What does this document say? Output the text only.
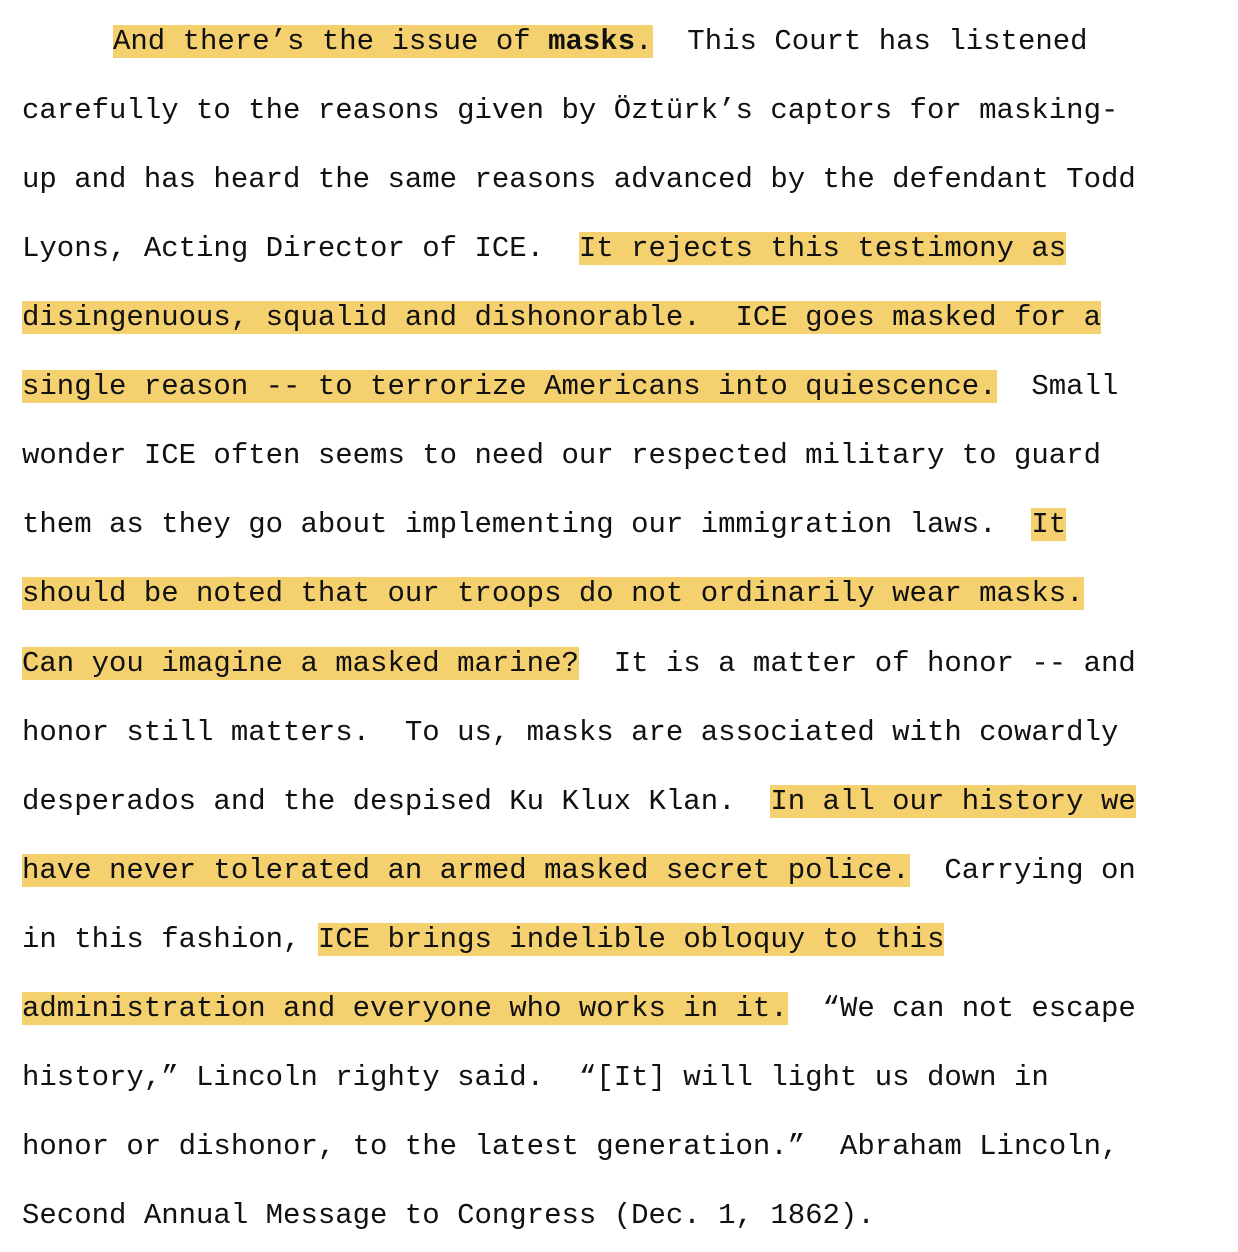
And there’s the issue of masks.  This Court has listened
carefully to the reasons given by Öztürk’s captors for masking-
up and has heard the same reasons advanced by the defendant Todd
Lyons, Acting Director of ICE.  It rejects this testimony as
disingenuous, squalid and dishonorable.  ICE goes masked for a
single reason -- to terrorize Americans into quiescence.  Small
wonder ICE often seems to need our respected military to guard
them as they go about implementing our immigration laws.  It
should be noted that our troops do not ordinarily wear masks.
Can you imagine a masked marine?  It is a matter of honor -- and
honor still matters.  To us, masks are associated with cowardly
desperados and the despised Ku Klux Klan.  In all our history we
have never tolerated an armed masked secret police.  Carrying on
in this fashion, ICE brings indelible obloquy to this
administration and everyone who works in it.  “We can not escape
history,” Lincoln righty said.  “[It] will light us down in
honor or dishonor, to the latest generation.”  Abraham Lincoln,
Second Annual Message to Congress (Dec. 1, 1862).
